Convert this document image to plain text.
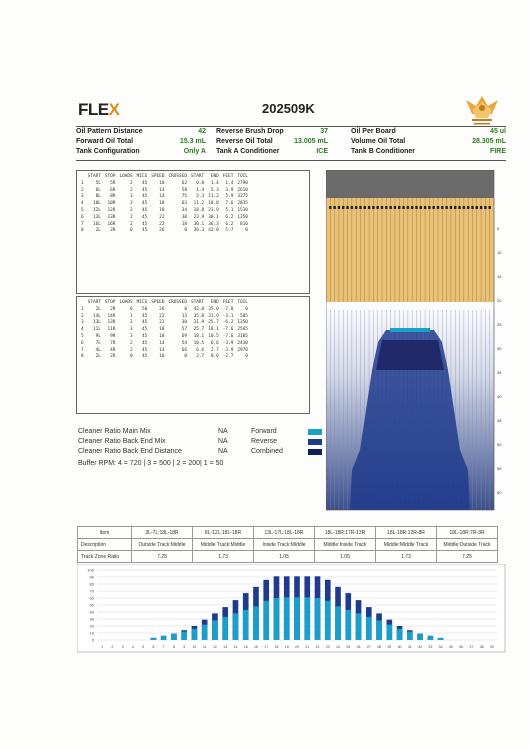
FLEX	202509K
Oil Pattern Distance	42 Reverse Brush Drop	37	Oil Per Board	45 ul
Forward Oil Total	15.3 mL Reverse Oil Total	13.005 mL	Volume Oil Total	28.305 mL
Tank Configuration	Only A Tank A Conditioner	ICE	Tank B Conditioner	FIRE
	START	STOP	LOADS	MICS	SPEED	CROSSED	START	END	FEET	TOIL
1	5L	5R	2	45	10	62	0.0	1.4	1.4	2790
2	6L	6R	2	45	14	58	1.4	5.3	3.9	2610
3	8L	8R	3	45	14	75	5.3	11.2	5.9	3375
4	10L	10R	3	45	18	63	11.2	18.8	7.6	2835
5	12L	12R	2	45	18	34	18.8	23.9	5.1	1530
6	13L	13R	2	45	22	30	23.9	30.1	6.2	1350
7	16L	16R	2	45	22	18	30.1	36.3	6.2	810
8	2L	2R	0	45	26	0	36.3	42.0	5.7	0
	START	STOP	LOADS	MICS	SPEED	CROSSED	START	END	FEET	TOIL
1	2L	2R	0	50	26	0	42.0	35.0	-7.0	0
2	14L	14R	1	45	22	13	35.0	31.9	-3.1	585
3	13L	13R	2	45	22	30	31.9	25.7	-6.2	1350
4	11L	11R	3	45	18	57	25.7	18.1	-7.6	2565
5	9L	9R	3	45	18	69	18.1	10.5	-7.6	3105
6	7L	7R	2	45	14	54	10.5	6.6	-3.9	2430
7	4L	4R	2	45	14	66	6.6	2.7	-3.9	2970
8	2L	2R	0	45	10	0	2.7	0.0	-2.7	0
Cleaner Ratio Main Mix	NA
Cleaner Ratio Back End Mix	NA
Cleaner Ratio Back End Distance	NA
Buffer RPM: 4 = 720 | 3 = 500 | 2 = 200| 1 = 50
Forward
Reverse
Combined
5
10
15
20
25
30
35
40
45
50
55
60
Item	3L-7L:18L-18R	8L-12L:18L-18R	13L-17L:18L-18R	18L-18R:17R-13R	18L-18R:12R-8R	18L-18R:7R-3R
Description	Outside Track:Middle	Middle Track:Middle	Inside Track:Middle	Middle:Inside Track	Middle:Middle Track	Middle:Outside Track
Track Zone Ratio	7.25	1.73	1.05	1.05	1.73	7.25
100
90
80
70
60
50
40
30
20
10
0
1 2 3 4 5 6 7 8 9 10 11 12 13 14 15 16 17 18 19 20 21 22 23 24 25 26 27 28 29 30 31 32 33 34 35 36 37 38 39
